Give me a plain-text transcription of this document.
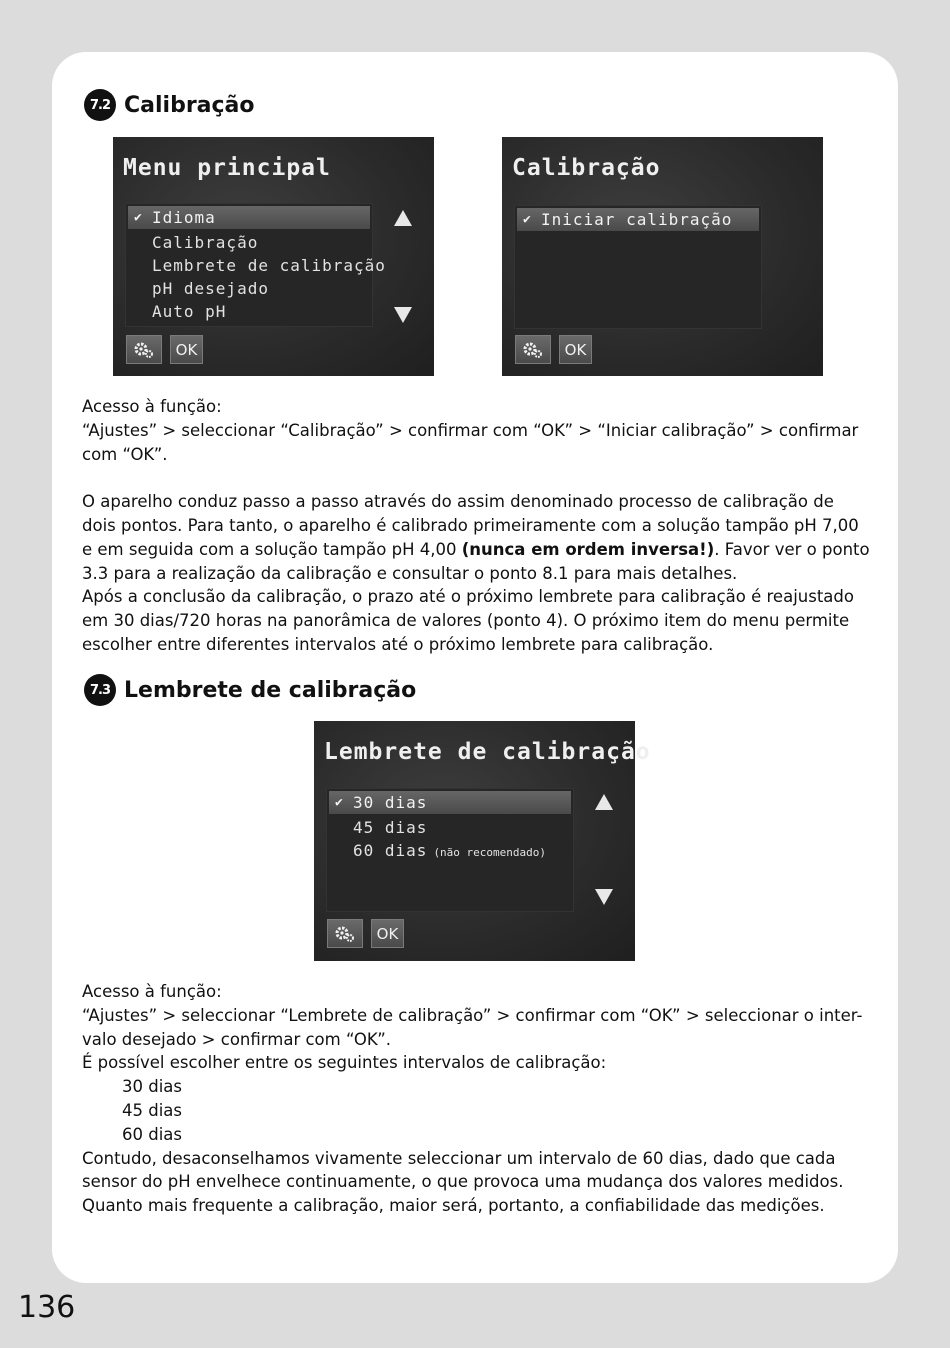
7.2 Calibração
Menu principal
✔ Idioma
Calibração
Lembrete de calibração
pH desejado
Auto pH
OK
Calibração
✔ Iniciar calibração
OK

Acesso à função:

“Ajustes” > seleccionar “Calibração” > confirmar com “OK” > “Iniciar calibração” > confirmar

com “OK”.

O aparelho conduz passo a passo através do assim denominado processo de calibração de

dois pontos. Para tanto, o aparelho é calibrado primeiramente com a solução tampão pH 7,00

e em seguida com a solução tampão pH 4,00 (nunca em ordem inversa!). Favor ver o ponto

3.3 para a realização da calibração e consultar o ponto 8.1 para mais detalhes.

Após a conclusão da calibração, o prazo até o próximo lembrete para calibração é reajustado

em 30 dias/720 horas na panorâmica de valores (ponto 4). O próximo item do menu permite

escolher entre diferentes intervalos até o próximo lembrete para calibração.

7.3 Lembrete de calibração
Lembrete de calibração
✔ 30 dias
45 dias
60 dias (não recomendado)
OK

Acesso à função:

“Ajustes” > seleccionar “Lembrete de calibração” > confirmar com “OK” > seleccionar o inter-

valo desejado > confirmar com “OK”.

É possível escolher entre os seguintes intervalos de calibração:

30 dias

45 dias

60 dias

Contudo, desaconselhamos vivamente seleccionar um intervalo de 60 dias, dado que cada

sensor do pH envelhece continuamente, o que provoca uma mudança dos valores medidos.

Quanto mais frequente a calibração, maior será, portanto, a confiabilidade das medições.

136
